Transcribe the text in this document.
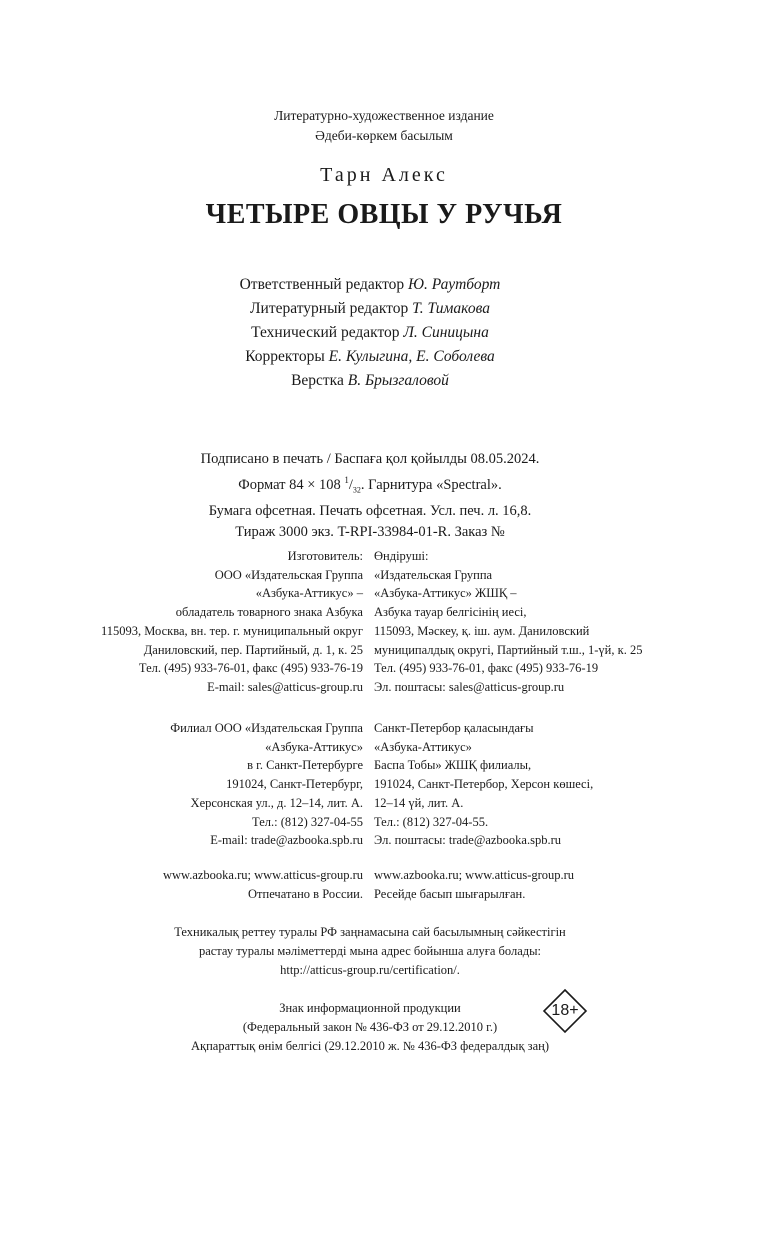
Литературно-художественное издание
Әдеби-көркем басылым
Тарн Алекс
ЧЕТЫРЕ ОВЦЫ У РУЧЬЯ
Ответственный редактор Ю. Раутборт
Литературный редактор Т. Тимакова
Технический редактор Л. Синицына
Корректоры Е. Кулыгина, Е. Соболева
Верстка В. Брызгаловой
Подписано в печать / Баспаға қол қойылды 08.05.2024.
Формат 84 × 108 $^1/_{32}$. Гарнитура «Spectral».
Бумага офсетная. Печать офсетная. Усл. печ. л. 16,8.
Тираж 3000 экз. T-RPI-33984-01-R. Заказ №
Изготовитель:
ООО «Издательская Группа
«Азбука-Аттикус» –
обладатель товарного знака Азбука
115093, Москва, вн. тер. г. муниципальный округ
Даниловский, пер. Партийный, д. 1, к. 25
Тел. (495) 933-76-01, факс (495) 933-76-19
E-mail: sales@atticus-group.ru
Өндіруші:
«Издательская Группа
«Азбука-Аттикус» ЖШҚ –
Азбука тауар белгісінің иесі,
115093, Мәскеу, қ. іш. аум. Даниловский
муниципалдық округі, Партийный т.ш., 1-үй, к. 25
Тел. (495) 933-76-01, факс (495) 933-76-19
Эл. поштасы: sales@atticus-group.ru
Филиал ООО «Издательская Группа
«Азбука-Аттикус»
в г. Санкт-Петербурге
191024, Санкт-Петербург,
Херсонская ул., д. 12–14, лит. А.
Тел.: (812) 327-04-55
E-mail: trade@azbooka.spb.ru
Санкт-Петербор қаласындағы
«Азбука-Аттикус»
Баспа Тобы» ЖШҚ филиалы,
191024, Санкт-Петербор, Херсон көшесі,
12–14 үй, лит. А.
Тел.: (812) 327-04-55.
Эл. поштасы: trade@azbooka.spb.ru
www.azbooka.ru; www.atticus-group.ru
Отпечатано в России.
www.azbooka.ru; www.atticus-group.ru
Ресейде басып шығарылған.
Техникалық реттеу туралы РФ заңнамасына сай басылымның сәйкестігін
растау туралы мәліметтерді мына адрес бойынша алуға болады:
http://atticus-group.ru/certification/.
Знак информационной продукции
(Федеральный закон № 436-ФЗ от 29.12.2010 г.)
Ақпараттық өнім белгісі (29.12.2010 ж. № 436-ФЗ федералдық заң)
18+
